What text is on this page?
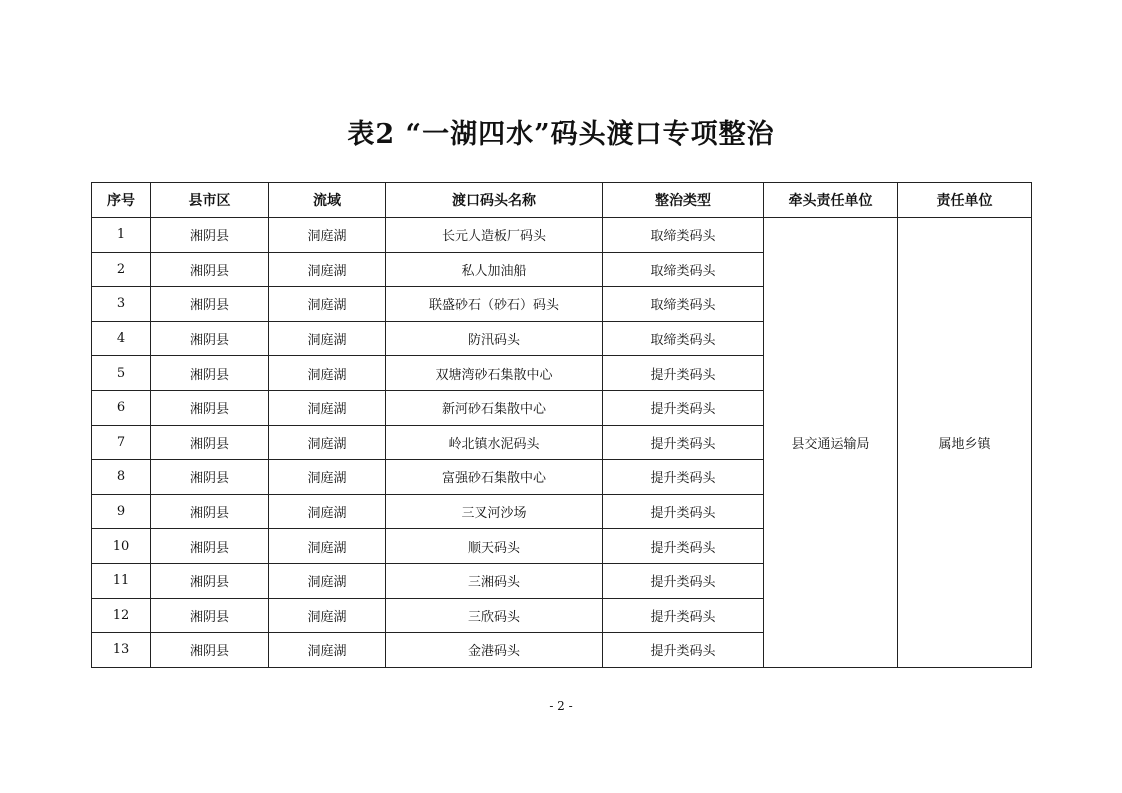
表2 “一湖四水”码头渡口专项整治
序号	县市区	流域	渡口码头名称	整治类型	牵头责任单位	责任单位
1	湘阴县	洞庭湖	长元人造板厂码头	取缔类码头	县交通运输局	属地乡镇
2	湘阴县	洞庭湖	私人加油船	取缔类码头		
3	湘阴县	洞庭湖	联盛砂石（砂石）码头	取缔类码头		
4	湘阴县	洞庭湖	防汛码头	取缔类码头		
5	湘阴县	洞庭湖	双塘湾砂石集散中心	提升类码头		
6	湘阴县	洞庭湖	新河砂石集散中心	提升类码头		
7	湘阴县	洞庭湖	岭北镇水泥码头	提升类码头		
8	湘阴县	洞庭湖	富强砂石集散中心	提升类码头		
9	湘阴县	洞庭湖	三叉河沙场	提升类码头		
10	湘阴县	洞庭湖	顺天码头	提升类码头		
11	湘阴县	洞庭湖	三湘码头	提升类码头		
12	湘阴县	洞庭湖	三欣码头	提升类码头		
13	湘阴县	洞庭湖	金港码头	提升类码头		
- 2 -
